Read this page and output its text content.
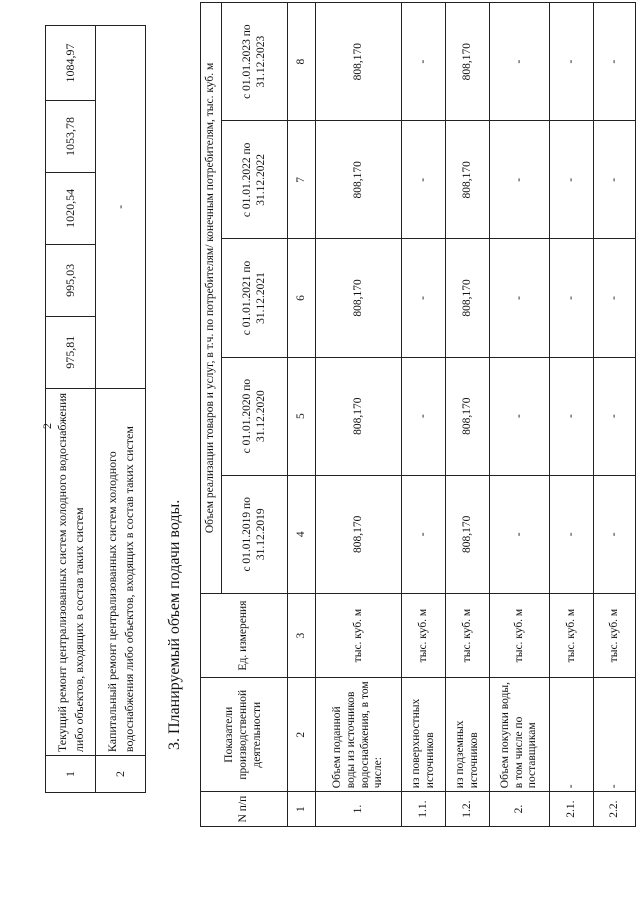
2
1	Текущий ремонт централизованных систем холодного водоснабжения либо объектов, входящих в состав таких систем	975,81	995,03	1020,54	1053,78	1084,97
2	Капитальный ремонт централизованных систем холодного водоснабжения либо объектов, входящих в состав таких систем	-				
3. Планируемый объем подачи воды.
N п/п	Показатели производственной деятельности	Ед. измерения	Объем реализации товаров и услуг, в т.ч. по потребителям/ конечным потребителям, тыс. куб. м				
			с 01.01.2019 по 31.12.2019	с 01.01.2020 по 31.12.2020	с 01.01.2021 по 31.12.2021	с 01.01.2022 по 31.12.2022	с 01.01.2023 по 31.12.2023
1	2	3	4	5	6	7	8
1.	Объем поданной воды из источников водоснабжения, в том числе:	тыс. куб. м	808,170	808,170	808,170	808,170	808,170
1.1.	из поверхностных источников	тыс. куб. м	-	-	-	-	-
1.2.	из подземных источников	тыс. куб. м	808,170	808,170	808,170	808,170	808,170
2.	Объем покупки воды, в том числе по поставщикам	тыс. куб. м	-	-	-	-	-
2.1.	-	тыс. куб. м	-	-	-	-	-
2.2.	-	тыс. куб. м	-	-	-	-	-
